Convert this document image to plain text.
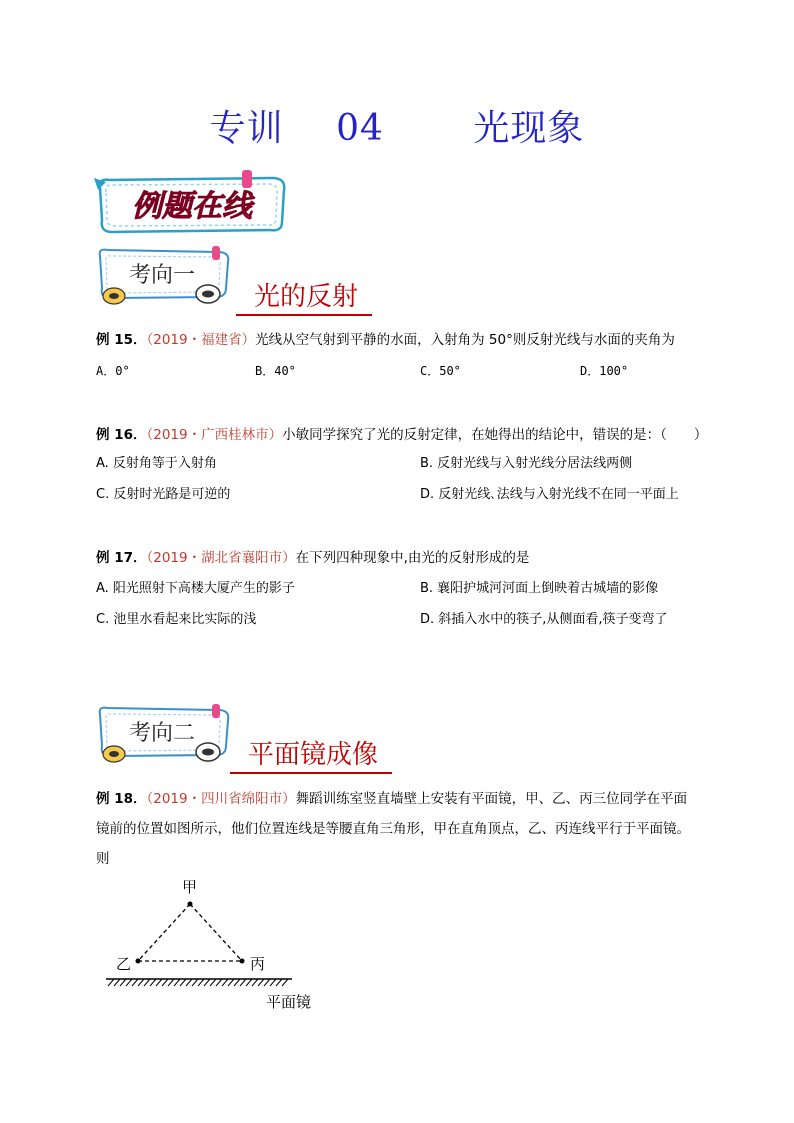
专训 04　 光现象
例题在线
考向一
光的反射
例 15．（2019・福建省）光线从空气射到平静的水面，入射角为 50°则反射光线与水面的夹角为
A．0°	B．40°	C．50°	D．100°
例 16．（2019・广西桂林市）小敏同学探究了光的反射定律，在她得出的结论中，错误的是：（　　）
A. 反射角等于入射角	B. 反射光线与入射光线分居法线两侧
C. 反射时光路是可逆的	D. 反射光线､法线与入射光线不在同一平面上
例 17．（2019・湖北省襄阳市）在下列四种现象中,由光的反射形成的是
A. 阳光照射下高楼大厦产生的影子	B. 襄阳护城河河面上倒映着古城墙的影像
C. 池里水看起来比实际的浅	D. 斜插入水中的筷子,从侧面看,筷子变弯了
考向二
平面镜成像
例 18．（2019・四川省绵阳市）舞蹈训练室竖直墙壁上安装有平面镜，甲、乙、丙三位同学在平面
镜前的位置如图所示，他们位置连线是等腰直角三角形，甲在直角顶点，乙、丙连线平行于平面镜。
则
甲
乙	丙
平面镜
